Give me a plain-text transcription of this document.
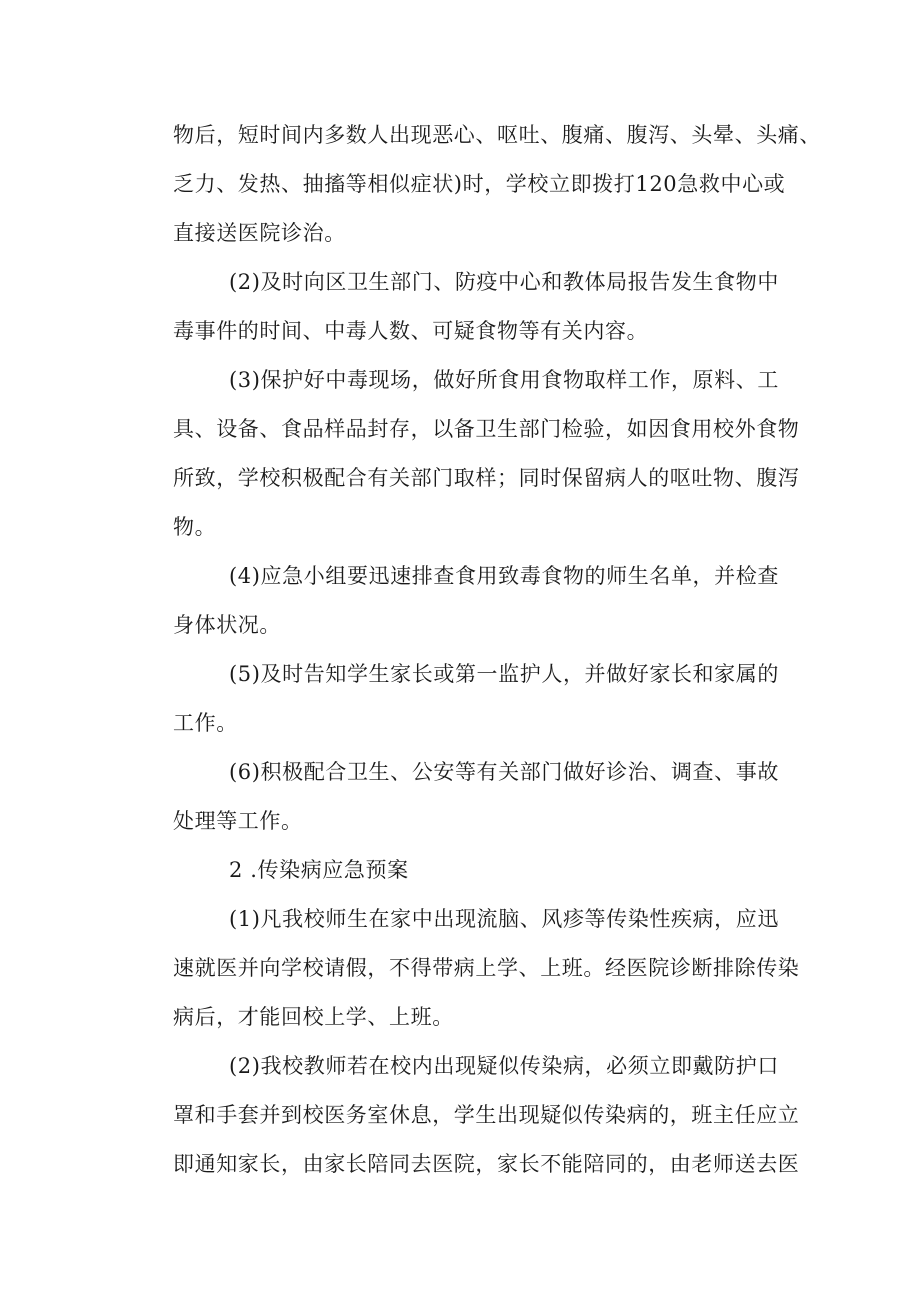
物后，短时间内多数人出现恶心、呕吐、腹痛、腹泻、头晕、头痛、
乏力、发热、抽搐等相似症状)时，学校立即拨打120急救中心或
直接送医院诊治。
(2)及时向区卫生部门、防疫中心和教体局报告发生食物中
毒事件的时间、中毒人数、可疑食物等有关内容。
(3)保护好中毒现场，做好所食用食物取样工作，原料、工
具、设备、食品样品封存，以备卫生部门检验，如因食用校外食物
所致，学校积极配合有关部门取样；同时保留病人的呕吐物、腹泻
物。
(4)应急小组要迅速排查食用致毒食物的师生名单，并检查
身体状况。
(5)及时告知学生家长或第一监护人，并做好家长和家属的
工作。
(6)积极配合卫生、公安等有关部门做好诊治、调查、事故
处理等工作。
2 .传染病应急预案
(1)凡我校师生在家中出现流脑、风疹等传染性疾病，应迅
速就医并向学校请假，不得带病上学、上班。经医院诊断排除传染
病后，才能回校上学、上班。
(2)我校教师若在校内出现疑似传染病，必须立即戴防护口
罩和手套并到校医务室休息，学生出现疑似传染病的，班主任应立
即通知家长，由家长陪同去医院，家长不能陪同的，由老师送去医
